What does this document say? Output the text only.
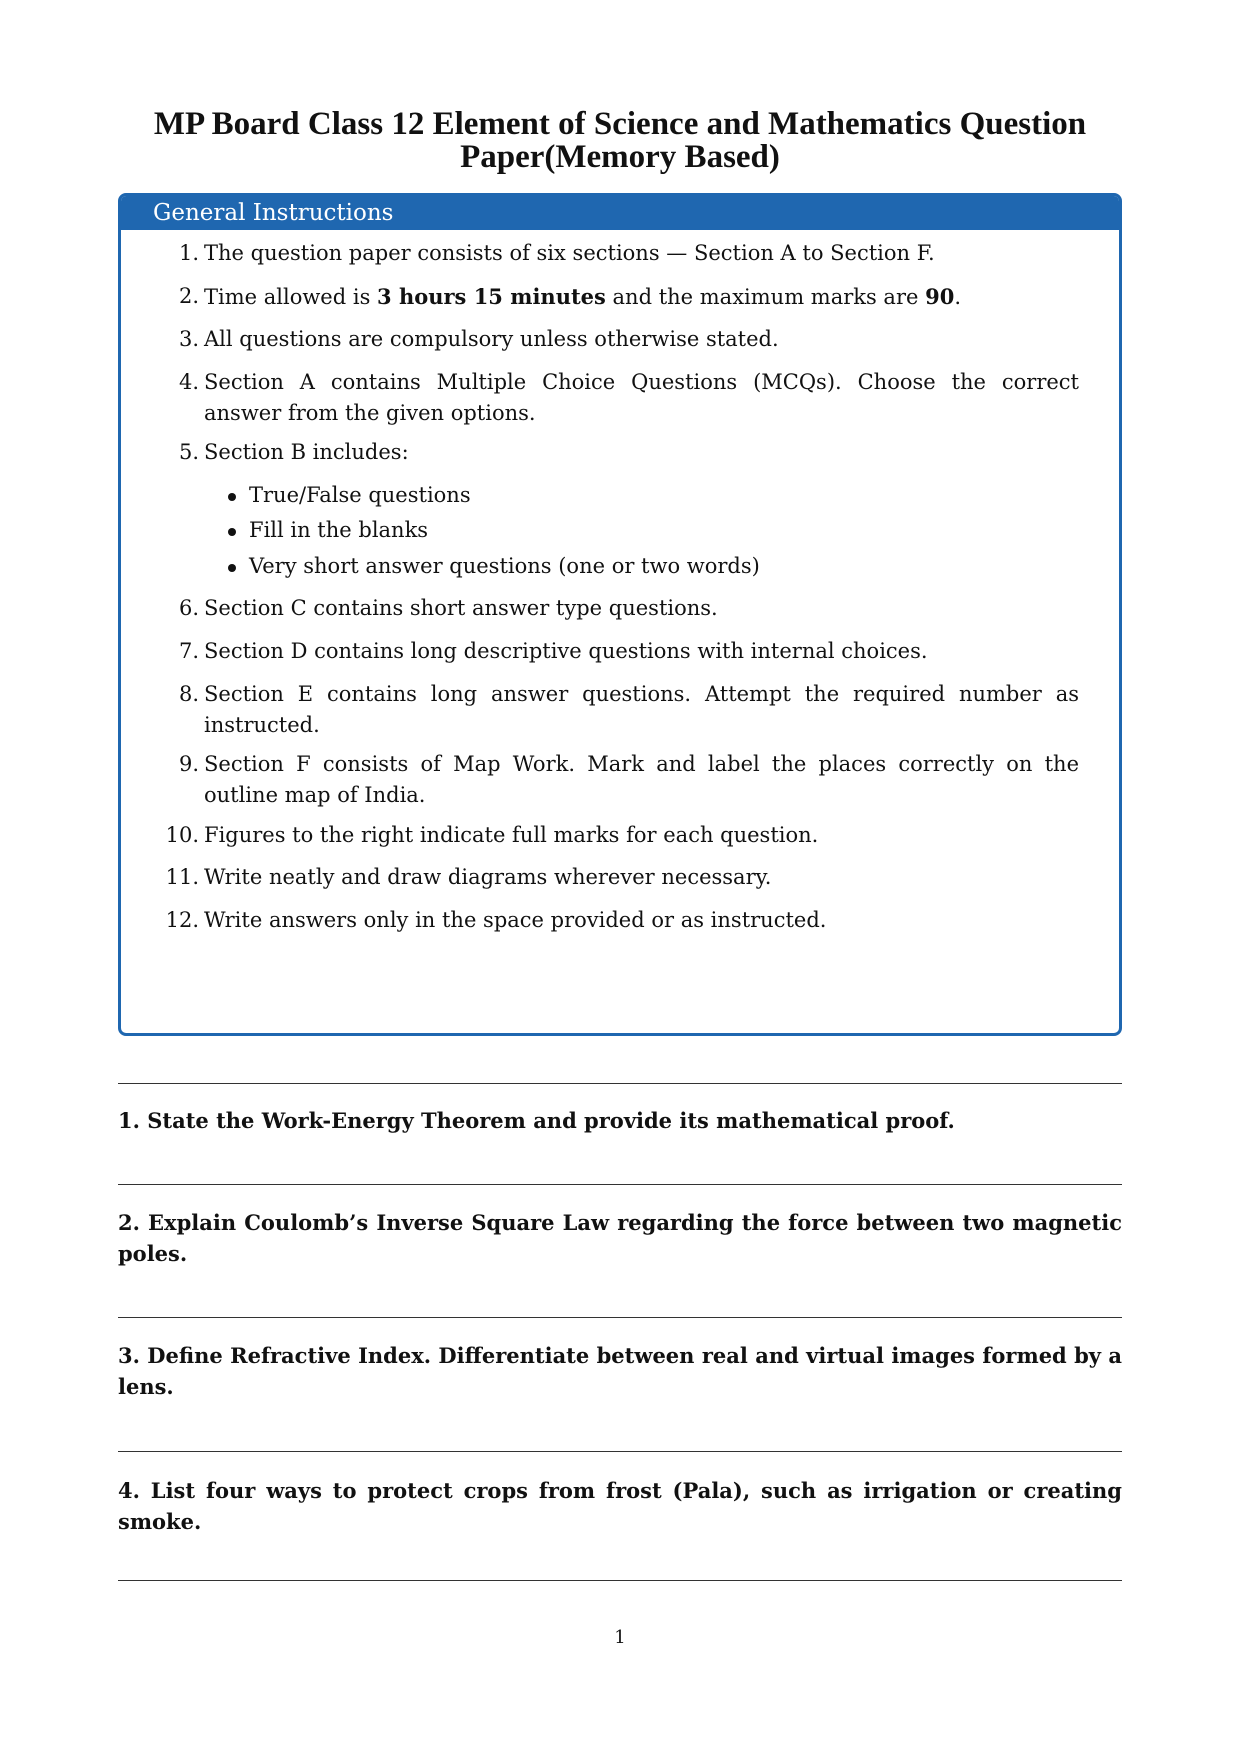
MP Board Class 12 Element of Science and Mathematics Question Paper(Memory Based)
General Instructions
1. The question paper consists of six sections — Section A to Section F.
2. Time allowed is 3 hours 15 minutes and the maximum marks are 90.
3. All questions are compulsory unless otherwise stated.
4. Section A contains Multiple Choice Questions (MCQs). Choose the correct answer from the given options.
5. Section B includes:
True/False questions
Fill in the blanks
Very short answer questions (one or two words)
6. Section C contains short answer type questions.
7. Section D contains long descriptive questions with internal choices.
8. Section E contains long answer questions. Attempt the required number as instructed.
9. Section F consists of Map Work. Mark and label the places correctly on the outline map of India.
10. Figures to the right indicate full marks for each question.
11. Write neatly and draw diagrams wherever necessary.
12. Write answers only in the space provided or as instructed.
1. State the Work-Energy Theorem and provide its mathematical proof.
2. Explain Coulomb’s Inverse Square Law regarding the force between two magnetic poles.
3. Define Refractive Index. Differentiate between real and virtual images formed by a lens.
4. List four ways to protect crops from frost (Pala), such as irrigation or creating smoke.
1
